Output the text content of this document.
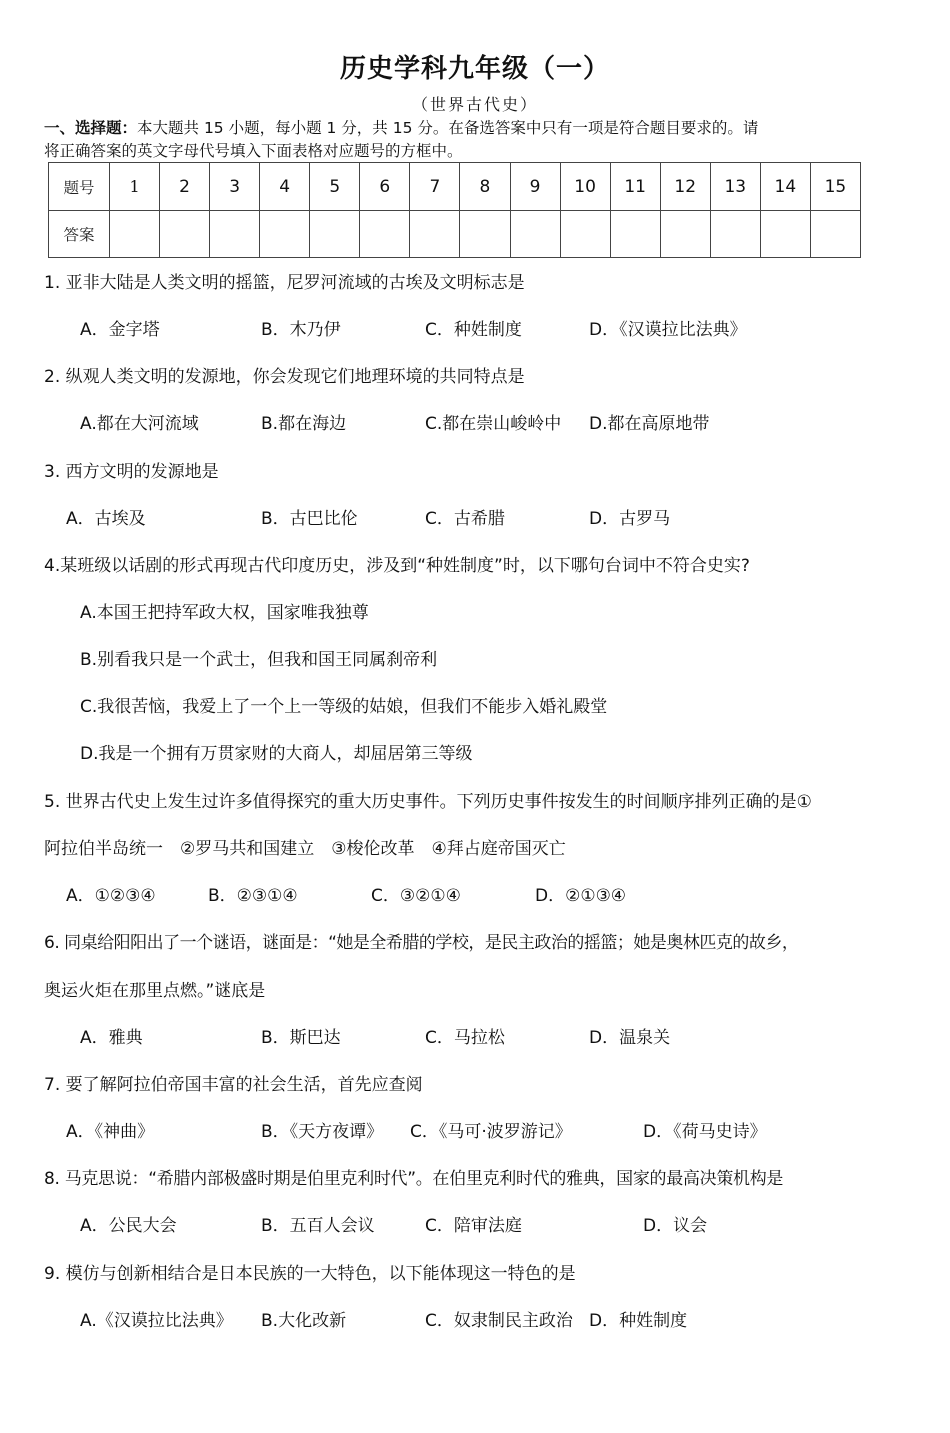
历史学科九年级（一）
（世界古代史）
一、选择题：本大题共 15 小题，每小题 1 分，共 15 分。在备选答案中只有一项是符合题目要求的。请
将正确答案的英文字母代号填入下面表格对应题号的方框中。
题号	1	2	3	4	5	6	7	8	9	10	11	12	13	14	15
答案															
1. 亚非大陆是人类文明的摇篮，尼罗河流域的古埃及文明标志是
A．金字塔	B．木乃伊	C．种姓制度	D．《汉谟拉比法典》
2. 纵观人类文明的发源地，你会发现它们地理环境的共同特点是
A.都在大河流域	B.都在海边	C.都在崇山峻岭中 D.都在高原地带
3. 西方文明的发源地是
A．古埃及	B．古巴比伦	C．古希腊	D．古罗马
4.某班级以话剧的形式再现古代印度历史，涉及到“种姓制度”时，以下哪句台词中不符合史实?
A.本国王把持军政大权，国家唯我独尊
B.别看我只是一个武士，但我和国王同属刹帝利
C.我很苦恼，我爱上了一个上一等级的姑娘，但我们不能步入婚礼殿堂
D.我是一个拥有万贯家财的大商人，却屈居第三等级
5. 世界古代史上发生过许多值得探究的重大历史事件。下列历史事件按发生的时间顺序排列正确的是①
阿拉伯半岛统一　②罗马共和国建立　③梭伦改革　④拜占庭帝国灭亡
A．①②③④	B．②③①④	C．③②①④	D．②①③④
6. 同桌给阳阳出了一个谜语，谜面是：“她是全希腊的学校，是民主政治的摇篮；她是奥林匹克的故乡，
奥运火炬在那里点燃。”谜底是
A．雅典	B．斯巴达	C．马拉松	D．温泉关
7. 要了解阿拉伯帝国丰富的社会生活，首先应查阅
A．《神曲》	B．《天方夜谭》 C．《马可·波罗游记》	D．《荷马史诗》
8. 马克思说：“希腊内部极盛时期是伯里克利时代”。在伯里克利时代的雅典，国家的最高决策机构是
A．公民大会	B．五百人会议	C．陪审法庭	D．议会
9. 模仿与创新相结合是日本民族的一大特色，以下能体现这一特色的是
A.《汉谟拉比法典》 B.大化改新	C．奴隶制民主政治 D．种姓制度
